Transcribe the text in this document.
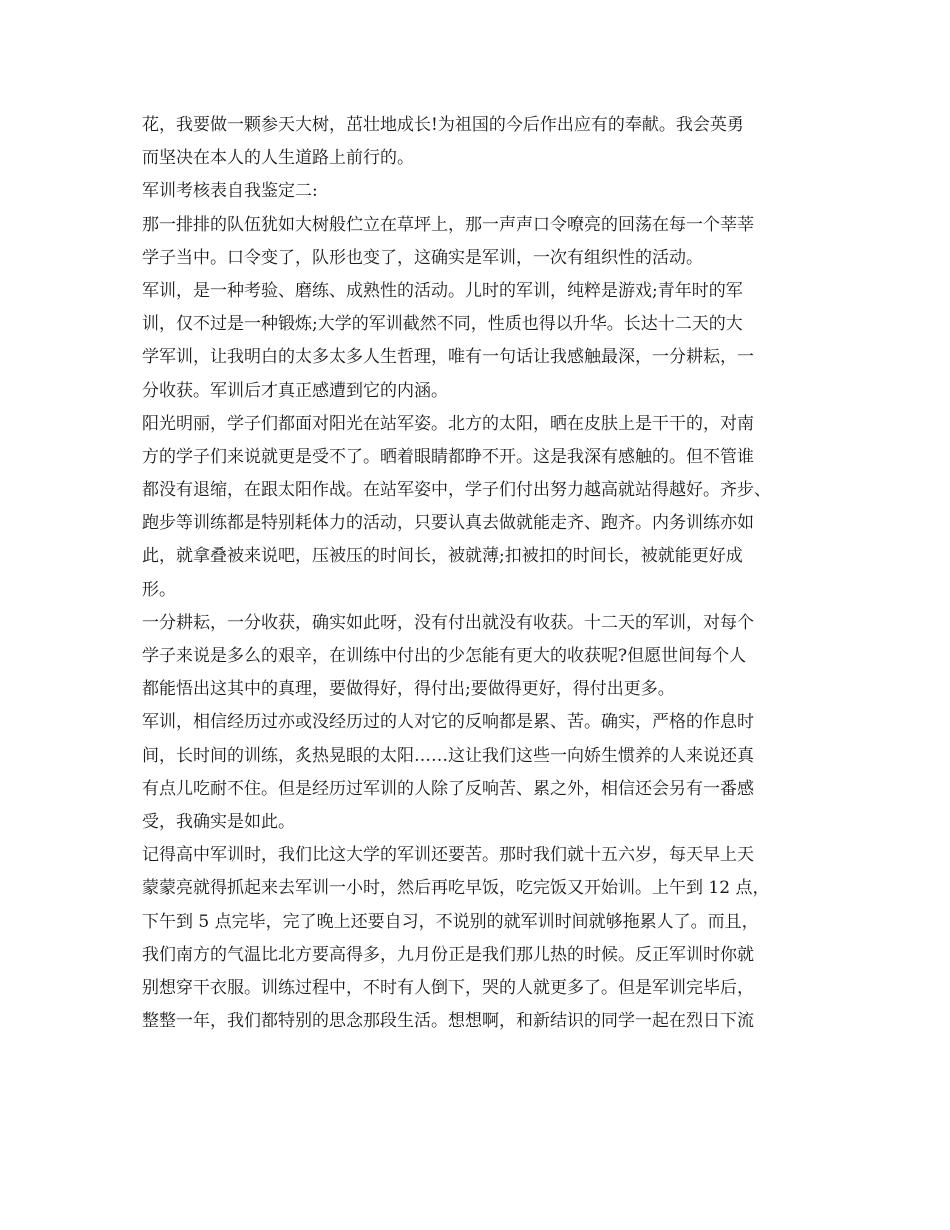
花，我要做一颗参天大树，茁壮地成长!为祖国的今后作出应有的奉献。我会英勇
而坚决在本人的人生道路上前行的。
军训考核表自我鉴定二:
那一排排的队伍犹如大树般伫立在草坪上，那一声声口令嘹亮的回荡在每一个莘莘
学子当中。口令变了，队形也变了，这确实是军训，一次有组织性的活动。
军训，是一种考验、磨练、成熟性的活动。儿时的军训，纯粹是游戏;青年时的军
训，仅不过是一种锻炼;大学的军训截然不同，性质也得以升华。长达十二天的大
学军训，让我明白的太多太多人生哲理，唯有一句话让我感触最深，一分耕耘，一
分收获。军训后才真正感遭到它的内涵。
阳光明丽，学子们都面对阳光在站军姿。北方的太阳，晒在皮肤上是干干的，对南
方的学子们来说就更是受不了。晒着眼睛都睁不开。这是我深有感触的。但不管谁
都没有退缩，在跟太阳作战。在站军姿中，学子们付出努力越高就站得越好。齐步、
跑步等训练都是特别耗体力的活动，只要认真去做就能走齐、跑齐。内务训练亦如
此，就拿叠被来说吧，压被压的时间长，被就薄;扣被扣的时间长，被就能更好成
形。
一分耕耘，一分收获，确实如此呀，没有付出就没有收获。十二天的军训，对每个
学子来说是多么的艰辛，在训练中付出的少怎能有更大的收获呢?但愿世间每个人
都能悟出这其中的真理，要做得好，得付出;要做得更好，得付出更多。
军训，相信经历过亦或没经历过的人对它的反响都是累、苦。确实，严格的作息时
间，长时间的训练，炙热晃眼的太阳……这让我们这些一向娇生惯养的人来说还真
有点儿吃耐不住。但是经历过军训的人除了反响苦、累之外，相信还会另有一番感
受，我确实是如此。
记得高中军训时，我们比这大学的军训还要苦。那时我们就十五六岁，每天早上天
蒙蒙亮就得抓起来去军训一小时，然后再吃早饭，吃完饭又开始训。上午到 12 点，
下午到 5 点完毕，完了晚上还要自习，不说别的就军训时间就够拖累人了。而且，
我们南方的气温比北方要高得多，九月份正是我们那儿热的时候。反正军训时你就
别想穿干衣服。训练过程中，不时有人倒下，哭的人就更多了。但是军训完毕后，
整整一年，我们都特别的思念那段生活。想想啊，和新结识的同学一起在烈日下流
